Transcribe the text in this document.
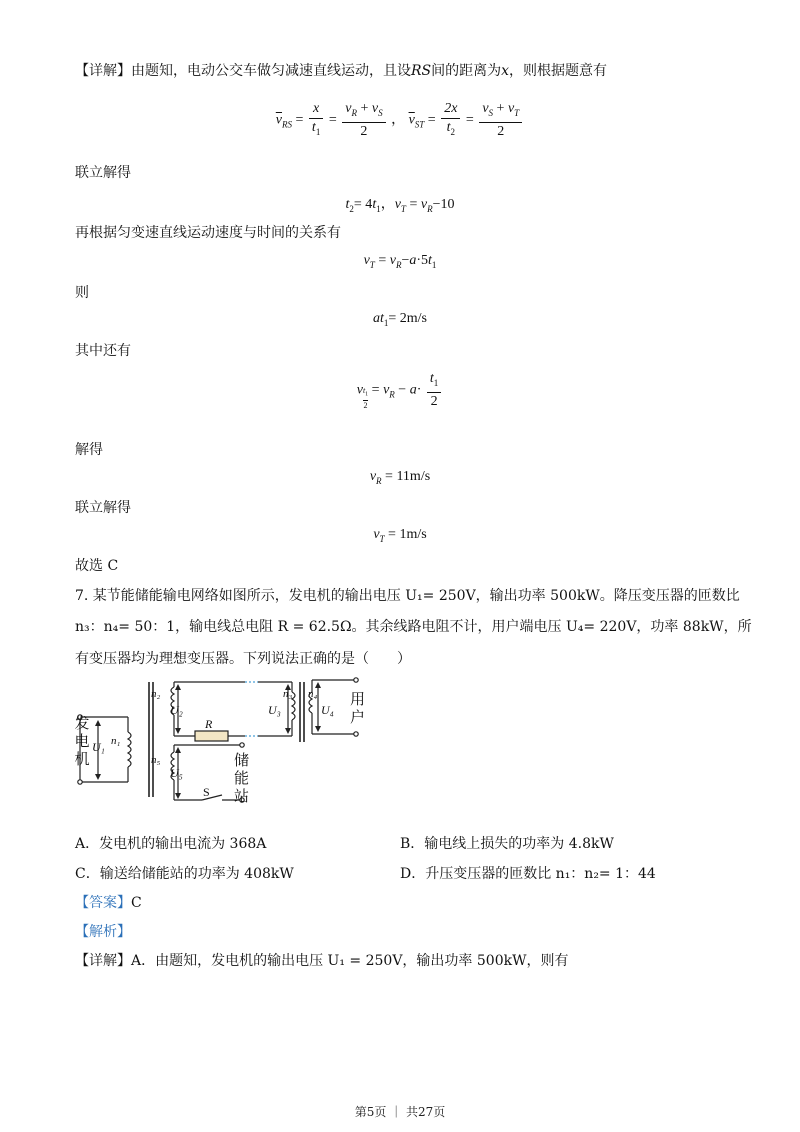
【详解】由题知，电动公交车做匀减速直线运动，且设RS间的距离为x，则根据题意有
$\overline{v}_{RS} = \frac{x}{t_1} = \frac{v_R + v_S}{2}$ ， $\overline{v}_{ST} = \frac{2x}{t_2} = \frac{v_S + v_T}{2}$
联立解得
$t_2= 4t_1$，$v_T = v_R-10$
再根据匀变速直线运动速度与时间的关系有
$v_T = v_R-a\cdot 5t_1$
则
$at_1= 2m/s$
其中还有
v $\frac{t_1}{2} = v_R - a\cdot \frac{t_1}{2}$
解得
$v_R = 11m/s$
联立解得
$v_T = 1m/s$
故选 C
7. 某节能储能输电网络如图所示，发电机的输出电压 U₁= 250V，输出功率 500kW。降压变压器的匝数比
n₃：n₄= 50：1，输电线总电阻 R = 62.5Ω。其余线路电阻不计，用户端电压 U₄= 220V，功率 88kW，所
有变压器均为理想变压器。下列说法正确的是（　　）
发
电
机
用
户
储
能
站
n₁
n₂	n₃ n₄
n₅
U₁
U₂	U₃	U₄
U₅
R
S
A．发电机的输出电流为 368A	B．输电线上损失的功率为 4.8kW
C．输送给储能站的功率为 408kW	D．升压变压器的匝数比 n₁：n₂= 1：44
【答案】C
【解析】
【详解】A．由题知，发电机的输出电压 U₁ = 250V，输出功率 500kW，则有
第5页 ｜ 共27页
